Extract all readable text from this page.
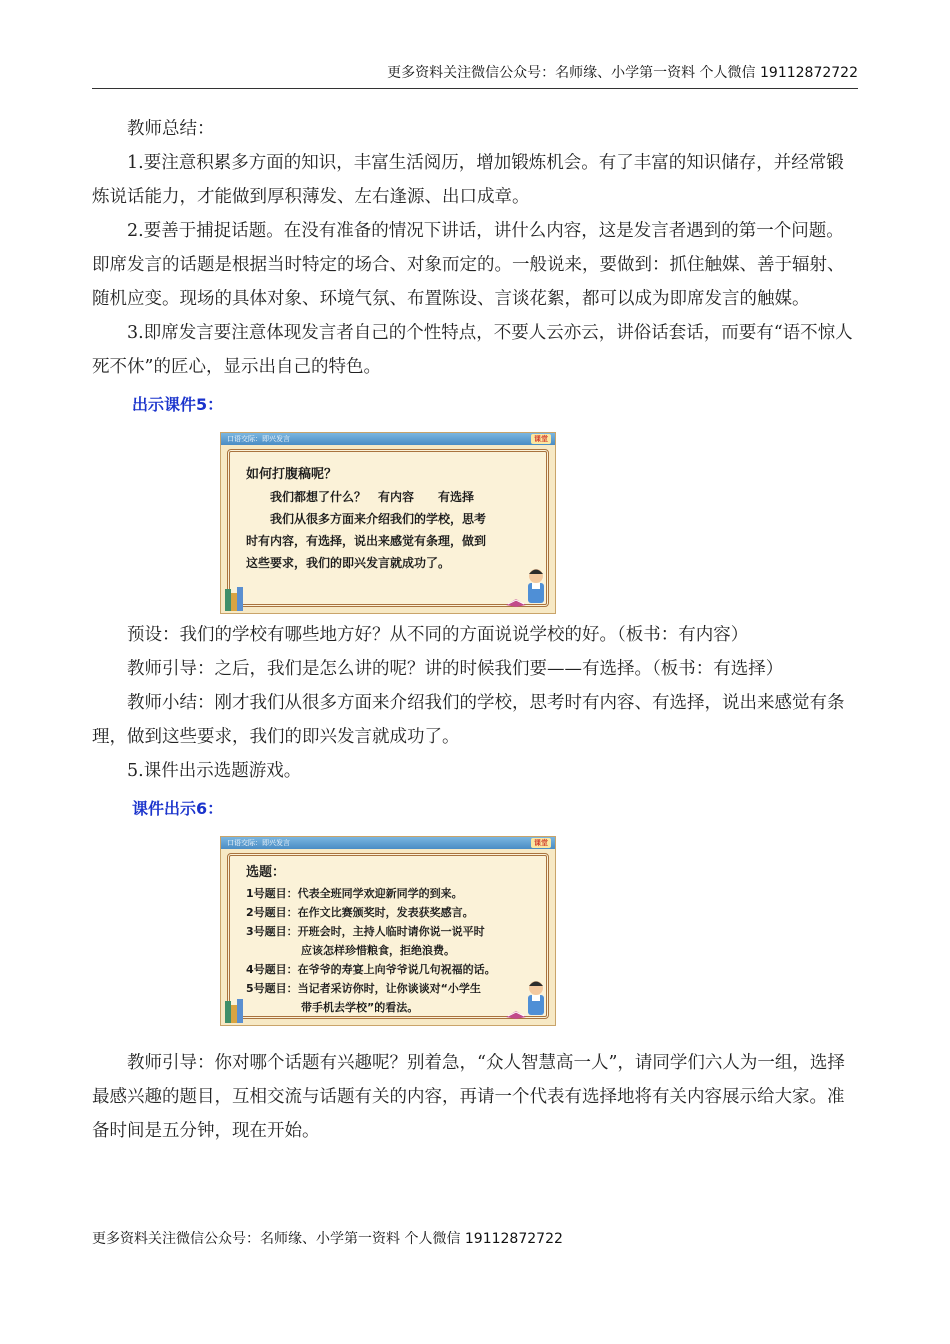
更多资料关注微信公众号：名师缘、小学第一资料 个人微信 19112872722

教师总结：

1.要注意积累多方面的知识，丰富生活阅历，增加锻炼机会。有了丰富的知识储存，并经常锻炼说话能力，才能做到厚积薄发、左右逢源、出口成章。

2.要善于捕捉话题。在没有准备的情况下讲话，讲什么内容，这是发言者遇到的第一个问题。即席发言的话题是根据当时特定的场合、对象而定的。一般说来，要做到：抓住触媒、善于辐射、随机应变。现场的具体对象、环境气氛、布置陈设、言谈花絮，都可以成为即席发言的触媒。

3.即席发言要注意体现发言者自己的个性特点，不要人云亦云，讲俗话套话，而要有“语不惊人死不休”的匠心，显示出自己的特色。

出示课件5：

口语交际：即兴发言	课堂
如何打腹稿呢？
　　我们都想了什么？　有内容　　有选择
　　我们从很多方面来介绍我们的学校，思考
时有内容，有选择，说出来感觉有条理，做到
这些要求，我们的即兴发言就成功了。

预设：我们的学校有哪些地方好？从不同的方面说说学校的好。（板书：有内容）

教师引导：之后，我们是怎么讲的呢？讲的时候我们要——有选择。（板书：有选择）

教师小结：刚才我们从很多方面来介绍我们的学校，思考时有内容、有选择，说出来感觉有条理，做到这些要求，我们的即兴发言就成功了。

5.课件出示选题游戏。

课件出示6：

口语交际：即兴发言	课堂
选题：
1号题目：代表全班同学欢迎新同学的到来。
2号题目：在作文比赛颁奖时，发表获奖感言。
3号题目：开班会时，主持人临时请你说一说平时
　　　　　应该怎样珍惜粮食，拒绝浪费。
4号题目：在爷爷的寿宴上向爷爷说几句祝福的话。
5号题目：当记者采访你时，让你谈谈对“小学生
　　　　　带手机去学校”的看法。

教师引导：你对哪个话题有兴趣呢？别着急，“众人智慧高一人”，请同学们六人为一组，选择最感兴趣的题目，互相交流与话题有关的内容，再请一个代表有选择地将有关内容展示给大家。准备时间是五分钟，现在开始。

更多资料关注微信公众号：名师缘、小学第一资料 个人微信 19112872722
